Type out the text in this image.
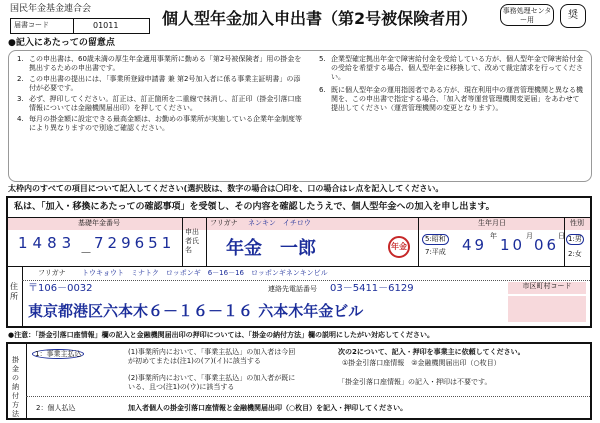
国民年金基金連合会
届書コード	01011	個人型年金加入申出書（第2号被保険者用）	事務処理センター用	奨
●記入にあたっての留意点
1. この申出書は、60歳未満の厚生年金適用事業所に勤める「第2号被保険者」用の掛金を拠出するための申出書です。
2. この申出書の提出には、「事業所登録申請書 兼 第2号加入者に係る事業主証明書」の添付が必要です。
3. 必ず、押印してください。訂正は、訂正箇所を二重線で抹消し、訂正印（掛金引落口座情報については金融機関届出印）を押してください。
4. 毎月の掛金額に設定できる最高金額は、お勤めの事業所が実施している企業年金制度等により異なりますので別途ご確認ください。
5. 企業型確定拠出年金で障害給付金を受給している方が、個人型年金で障害給付金の受給を希望する場合、個人型年金に移換して、改めて裁定請求を行ってください。
6. 既に個人型年金の運用指図者である方が、現在利用中の運営管理機関と異なる機関を、この申出書で指定する場合、「加入者等運営管理機関変更届」をあわせて提出してください（運営管理機関の変更となります）。
太枠内のすべての項目について記入してください(選択肢は、数字の場合は〇印を、口の場合はレ点を記入してください。
私は、「加入・移換にあたっての確認事項」を受領し、その内容を確認したうえで、個人型年金への加入を申し出ます。
基礎年金番号
1483
－
729651
申出者氏名
フリガナ ネンキン　イチロウ
年金　一郎	年金
生年月日
5:昭和
7:平成 49 年 10 月 06
日
性別
1:男
2:女
住所
フリガナ トウキョウト　ミナトク　ロッポンギ　6－16－16　ロッポンギネンキンビル
〒106－0032	連絡先電話番号 03－5411－6129	市区町村コード
東京都港区六本木６－１６－１６ 六本木年金ビル
●注意：「掛金引落口座情報」欄の記入と金融機関届出印の押印については、「掛金の納付方法」欄の説明にしたがい対応してください。
掛金の納付方法
1：事業主払込	(1)事業所内において、「事業主払込」の加入者は今回が初めてまたは(注1)の(ア)(イ)に該当する
(2)事業所内において、「事業主払込」の加入者が既にいる、且つ(注1)の(ウ)に該当する
次の2について、記入・押印を事業主に依頼してください。
①掛金引落口座情報　②金融機関届出印（○枚目）
「掛金引落口座情報」の記入・押印は不要です。
2：個人払込	加入者個人の掛金引落口座情報と金融機関届出印（○枚目）を記入・押印してください。
